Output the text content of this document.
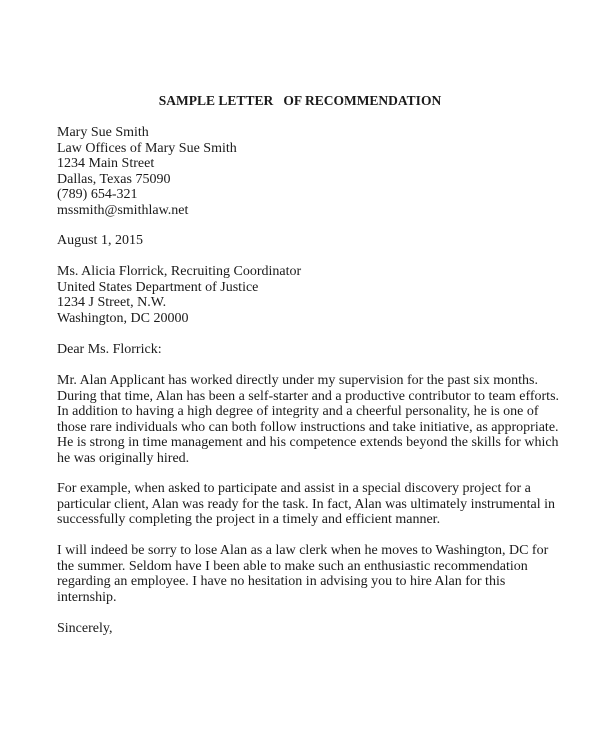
SAMPLE LETTER   OF RECOMMENDATION
Mary Sue Smith
Law Offices of Mary Sue Smith
1234 Main Street
Dallas, Texas 75090
(789) 654-321
mssmith@smithlaw.net
August 1, 2015
Ms. Alicia Florrick, Recruiting Coordinator
United States Department of Justice
1234 J Street, N.W.
Washington, DC 20000
Dear Ms. Florrick:
Mr. Alan Applicant has worked directly under my supervision for the past six months.
During that time, Alan has been a self-starter and a productive contributor to team efforts.
In addition to having a high degree of integrity and a cheerful personality, he is one of
those rare individuals who can both follow instructions and take initiative, as appropriate.
He is strong in time management and his competence extends beyond the skills for which
he was originally hired.
For example, when asked to participate and assist in a special discovery project for a
particular client, Alan was ready for the task. In fact, Alan was ultimately instrumental in
successfully completing the project in a timely and efficient manner.
I will indeed be sorry to lose Alan as a law clerk when he moves to Washington, DC for
the summer. Seldom have I been able to make such an enthusiastic recommendation
regarding an employee. I have no hesitation in advising you to hire Alan for this
internship.
Sincerely,
